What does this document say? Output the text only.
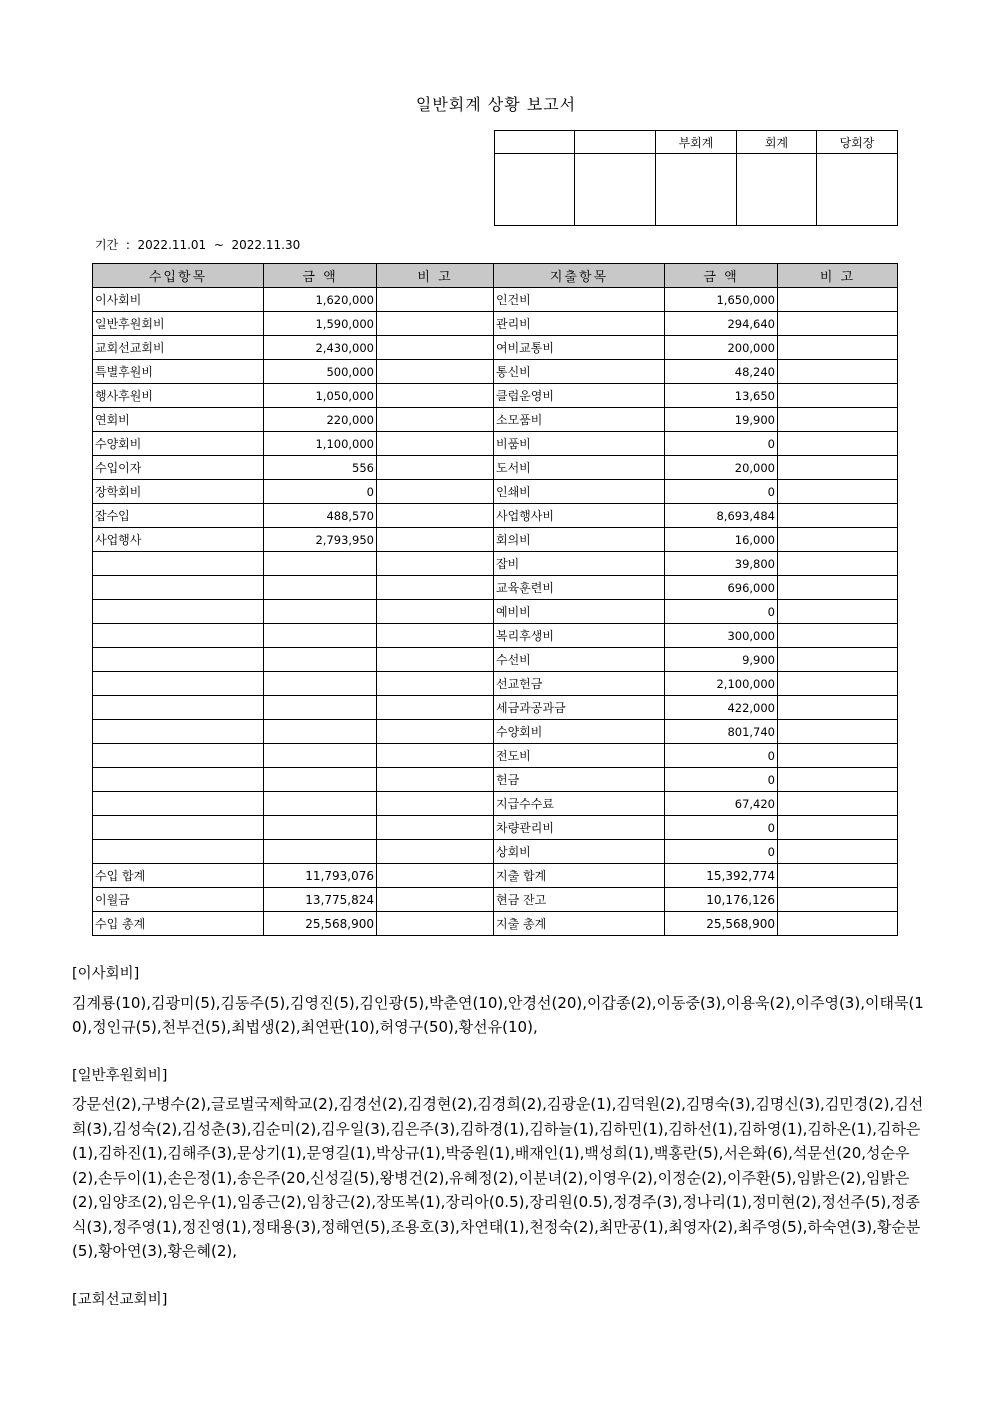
일반회계 상황 보고서
		부회계	회계	당회장

기간  :  2022.11.01  ~  2022.11.30
수입항목	금 액	비 고	지출항목	금 액	비 고
이사회비	1,620,000		인건비	1,650,000	
일반후원회비	1,590,000		관리비	294,640	
교회선교회비	2,430,000		여비교통비	200,000	
특별후원비	500,000		통신비	48,240	
행사후원비	1,050,000		클럽운영비	13,650	
연회비	220,000		소모품비	19,900	
수양회비	1,100,000		비품비	0	
수입이자	556		도서비	20,000	
장학회비	0		인쇄비	0	
잡수입	488,570		사업행사비	8,693,484	
사업행사	2,793,950		회의비	16,000	
			잡비	39,800	
			교육훈련비	696,000	
			예비비	0	
			복리후생비	300,000	
			수선비	9,900	
			선교헌금	2,100,000	
			세금과공과금	422,000	
			수양회비	801,740	
			전도비	0	
			헌금	0	
			지급수수료	67,420	
			차량관리비	0	
			상회비	0	
수입 합계	11,793,076		지출 합계	15,392,774	
이월금	13,775,824		현금 잔고	10,176,126	
수입 총계	25,568,900		지출 총계	25,568,900	
[이사회비]
김계룡(10),김광미(5),김동주(5),김영진(5),김인광(5),박춘연(10),안경선(20),이갑종(2),이동중(3),이용욱(2),이주영(3),이태묵(10),정인규(5),천부건(5),최법생(2),최연판(10),허영구(50),황선유(10),
[일반후원회비]
강문선(2),구병수(2),글로벌국제학교(2),김경선(2),김경현(2),김경희(2),김광운(1),김덕원(2),김명숙(3),김명신(3),김민경(2),김선희(3),김성숙(2),김성춘(3),김순미(2),김우일(3),김은주(3),김하경(1),김하늘(1),김하민(1),김하선(1),김하영(1),김하온(1),김하은(1),김하진(1),김해주(3),문상기(1),문영길(1),박상규(1),박중원(1),배재인(1),백성희(1),백홍란(5),서은화(6),석문선(20,성순우(2),손두이(1),손은정(1),송은주(20,신성길(5),왕병건(2),유혜정(2),이분녀(2),이영우(2),이정순(2),이주환(5),임밝은(2),임밝은(2),임양조(2),임은우(1),임종근(2),임창근(2),장또복(1),장리아(0.5),장리원(0.5),정경주(3),정나리(1),정미현(2),정선주(5),정종식(3),정주영(1),정진영(1),정태용(3),정해연(5),조용호(3),차연태(1),천정숙(2),최만공(1),최영자(2),최주영(5),하숙연(3),황순분(5),황아연(3),황은혜(2),
[교회선교회비]
